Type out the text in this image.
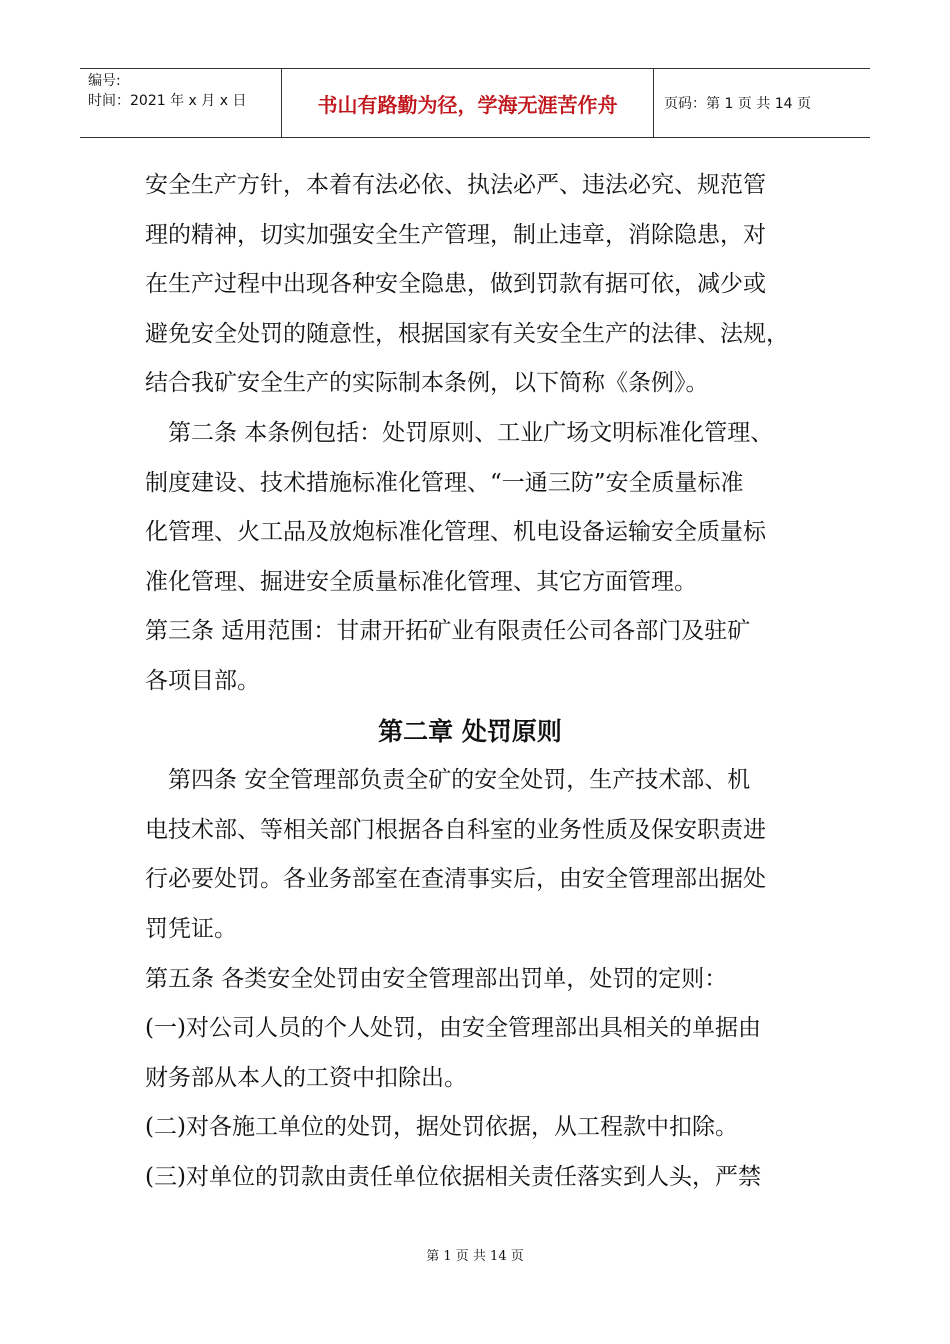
编号:
时间：2021 年 x 月 x 日	书山有路勤为径，学海无涯苦作舟	页码：第 1 页 共 14 页

安全生产方针，本着有法必依、执法必严、违法必究、规范管

理的精神，切实加强安全生产管理，制止违章，消除隐患，对

在生产过程中出现各种安全隐患，做到罚款有据可依，减少或

避免安全处罚的随意性，根据国家有关安全生产的法律、法规，

结合我矿安全生产的实际制本条例，以下简称《条例》。

　第二条 本条例包括：处罚原则、工业广场文明标准化管理、

制度建设、技术措施标准化管理、“一通三防”安全质量标准

化管理、火工品及放炮标准化管理、机电设备运输安全质量标

准化管理、掘进安全质量标准化管理、其它方面管理。

第三条 适用范围：甘肃开拓矿业有限责任公司各部门及驻矿

各项目部。

第二章 处罚原则

　第四条 安全管理部负责全矿的安全处罚，生产技术部、机

电技术部、等相关部门根据各自科室的业务性质及保安职责进

行必要处罚。各业务部室在查清事实后，由安全管理部出据处

罚凭证。

第五条 各类安全处罚由安全管理部出罚单，处罚的定则：

(一)对公司人员的个人处罚，由安全管理部出具相关的单据由

财务部从本人的工资中扣除出。

(二)对各施工单位的处罚，据处罚依据，从工程款中扣除。

(三)对单位的罚款由责任单位依据相关责任落实到人头，严禁

第 1 页 共 14 页
